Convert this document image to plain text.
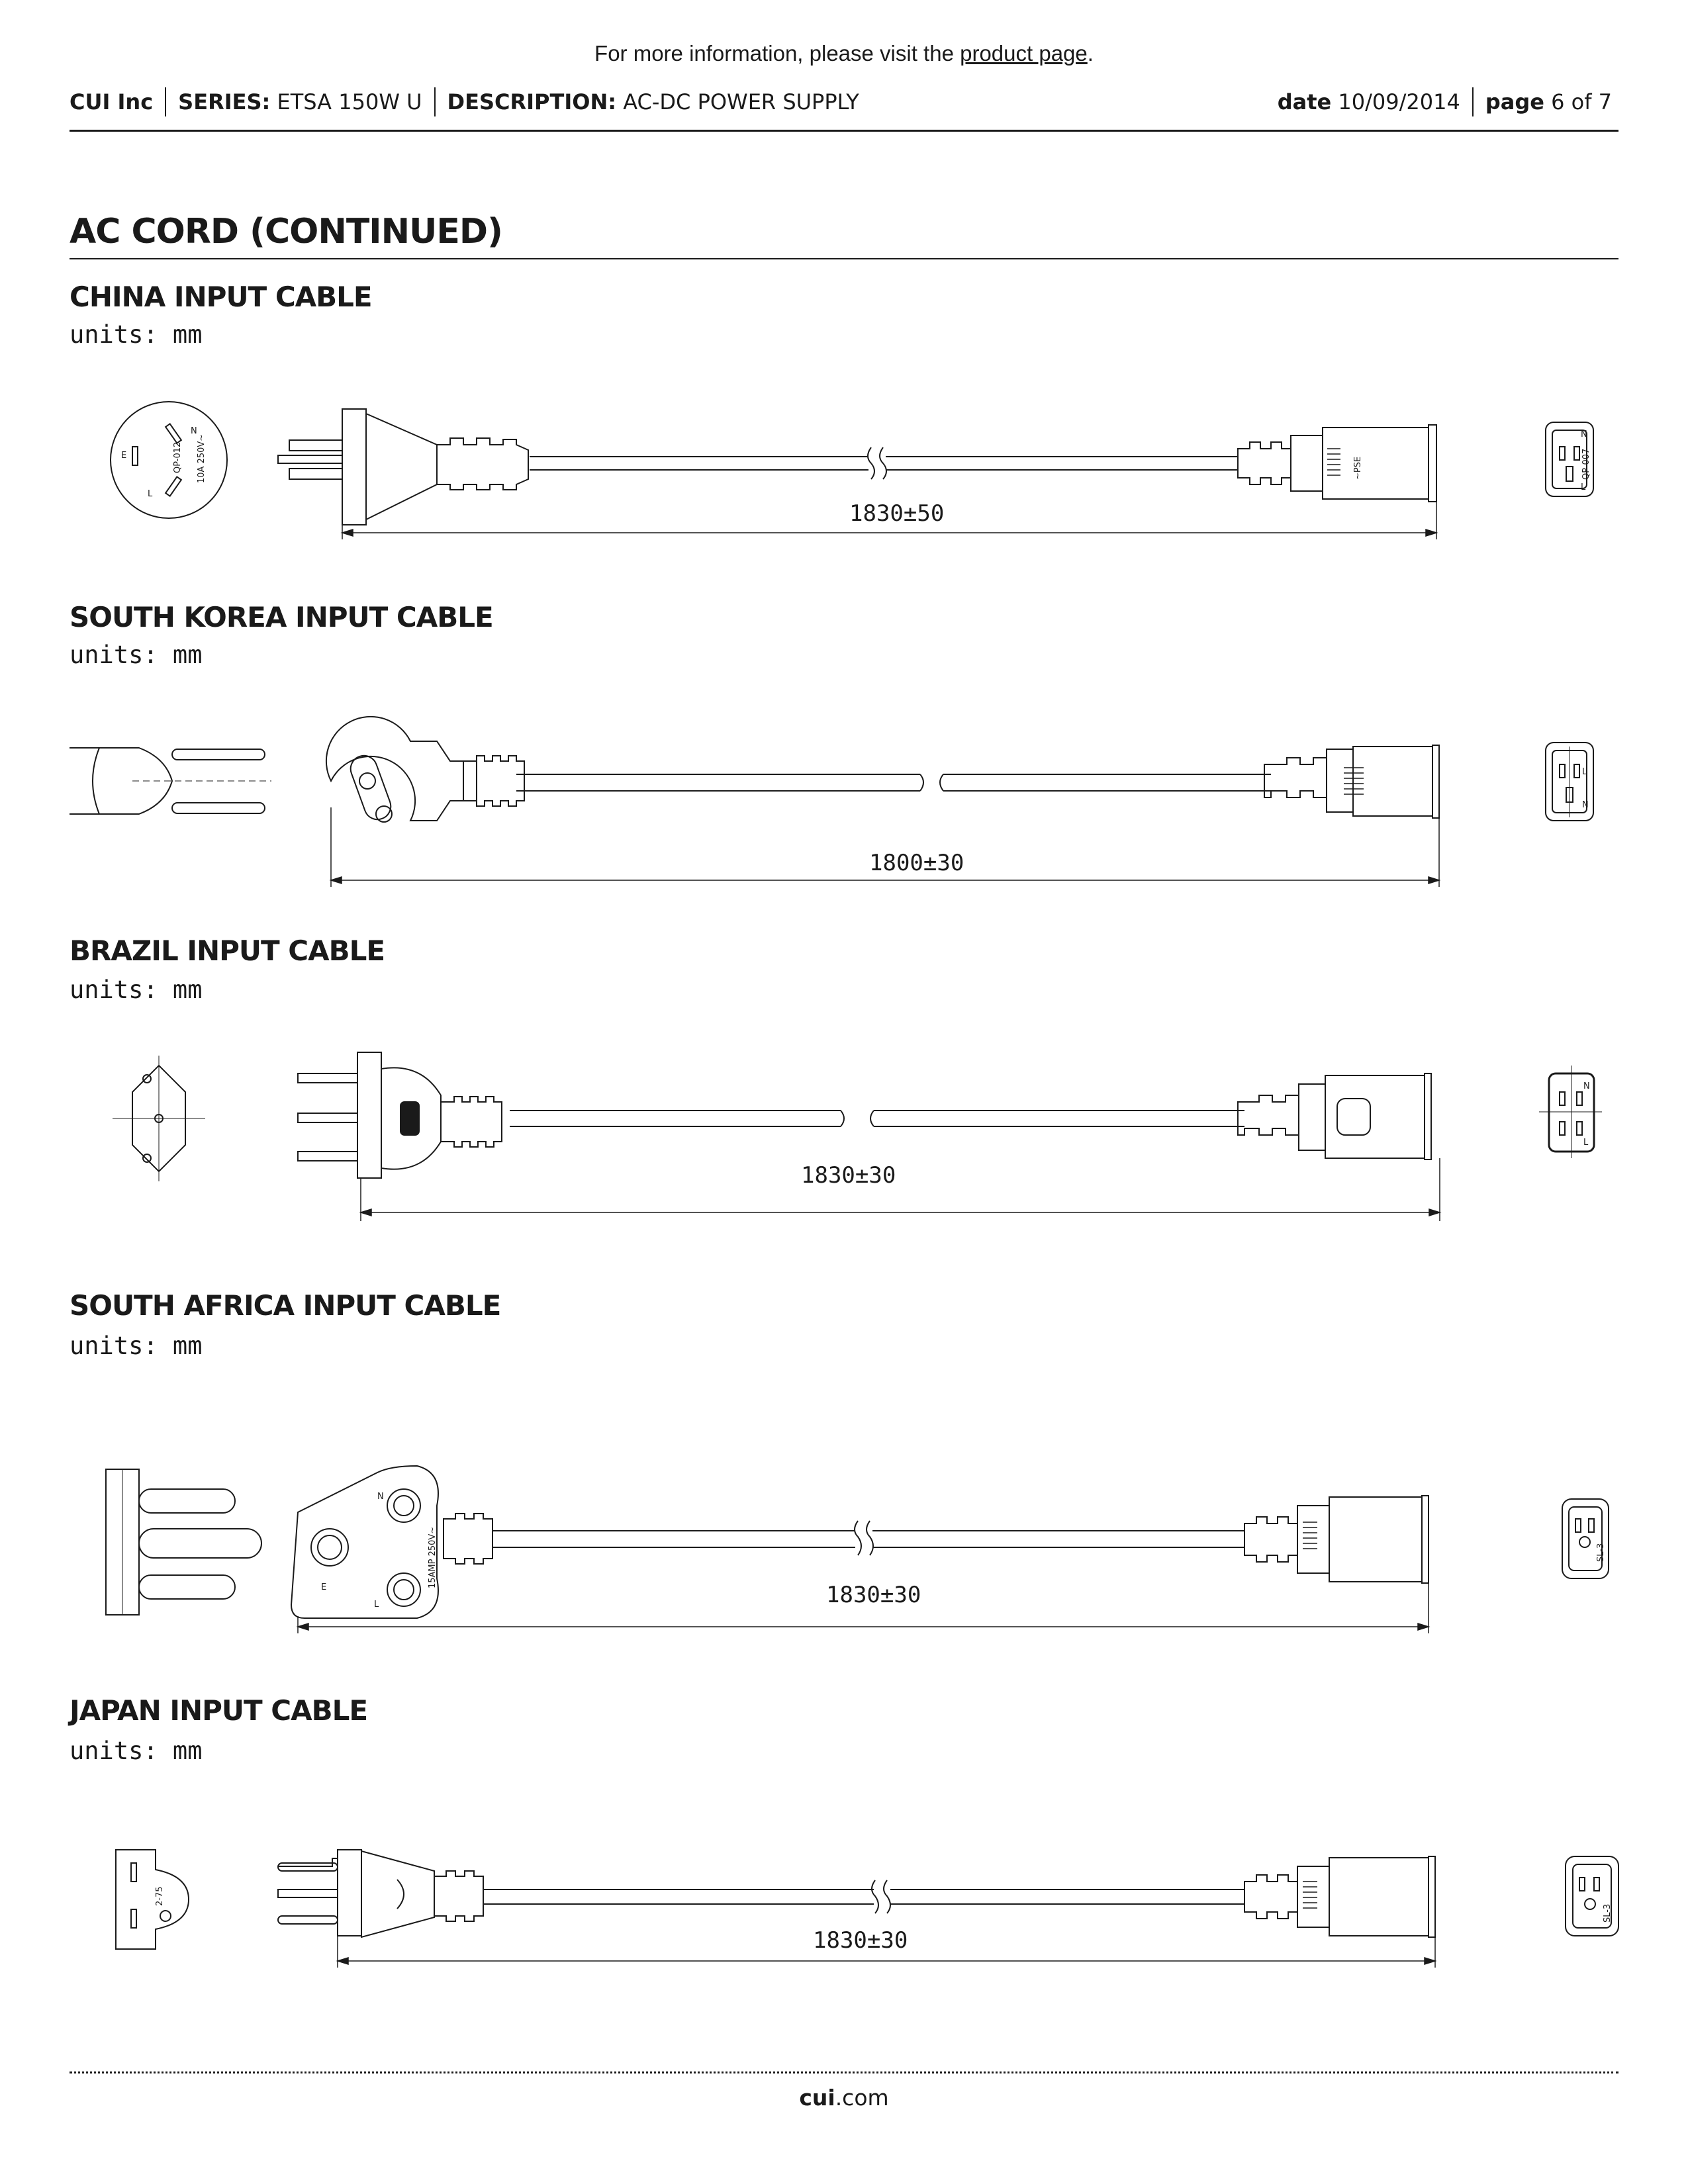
For more information, please visit the product page.
CUI Inc SERIES:
ETSA 150W U DESCRIPTION:
AC-DC POWER SUPPLY	date
10/09/2014 page
6 of 7
AC CORD (CONTINUED)
CHINA INPUT CABLE
units: mm
E
L
N
QP-012 10A 250V~	~PSE
N
L
QP-007
1830±50
SOUTH KOREA INPUT CABLE
units: mm
L
N
1800±30
BRAZIL INPUT CABLE
units: mm
N
L
1830±30
SOUTH AFRICA INPUT CABLE
units: mm
N
E
L
15AMP 250V~	SL-3
1830±30
JAPAN INPUT CABLE
units: mm
2-75
SL-3
1830±30
cui.com
